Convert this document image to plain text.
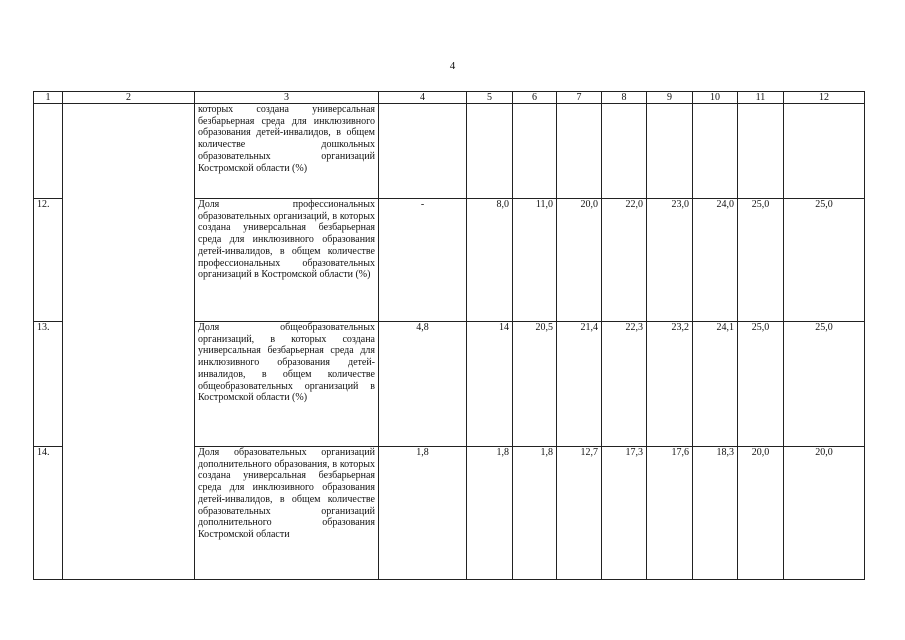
4
1	2	3	4	5	6	7	8	9	10	11	12
		которых создана универсальная безбарьерная среда для инклюзивного образования детей-инвалидов, в общем количестве дошкольных образовательных организаций Костромской области (%)									
12.		Доля профессиональных образовательных организаций, в которых создана универсальная безбарьерная среда для инклюзивного образования детей-инвалидов, в общем количестве профессиональных образовательных организаций в Костромской области (%)	-	8,0	11,0	20,0	22,0	23,0	24,0	25,0	25,0
13.		Доля общеобразовательных организаций, в которых создана универсальная безбарьерная среда для инклюзивного образования детей-инвалидов, в общем количестве общеобразовательных организаций в Костромской области (%)	4,8	14	20,5	21,4	22,3	23,2	24,1	25,0	25,0
14.		Доля образовательных организаций дополнительного образования, в которых создана универсальная безбарьерная среда для инклюзивного образования детей-инвалидов, в общем количестве образовательных организаций дополнительного образования Костромской области	1,8	1,8	1,8	12,7	17,3	17,6	18,3	20,0	20,0
